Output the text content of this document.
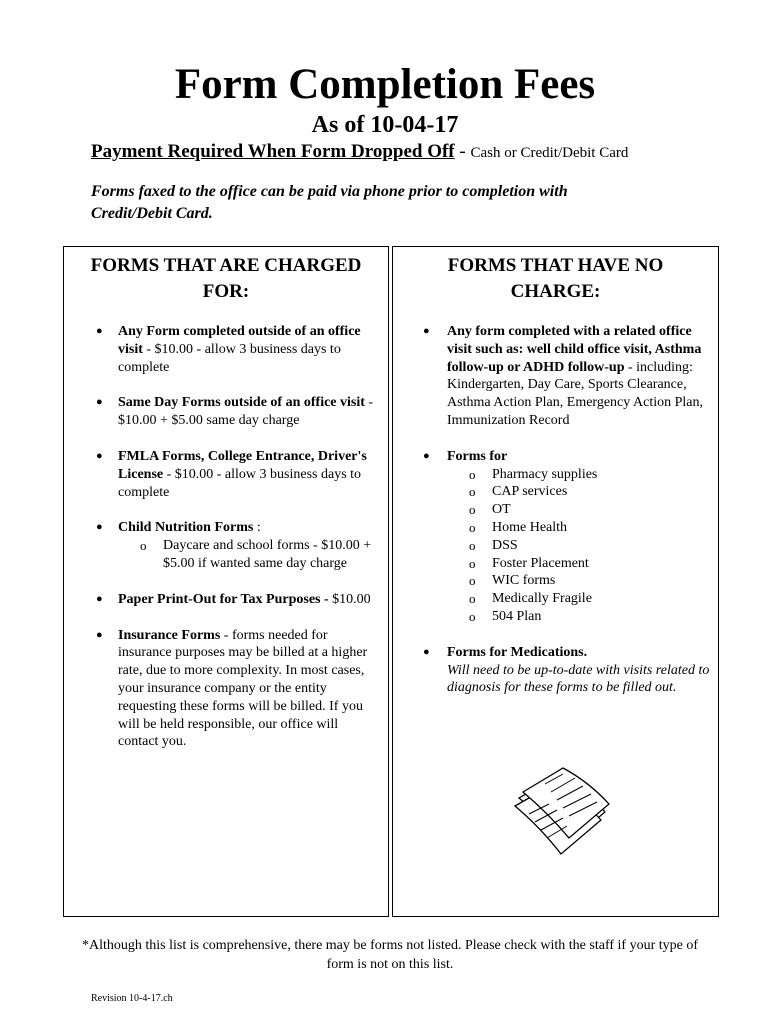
Form Completion Fees
As of 10-04-17
Payment Required When Form Dropped Off - Cash or Credit/Debit Card
Forms faxed to the office can be paid via phone prior to completion with Credit/Debit Card.
FORMS THAT ARE CHARGED FOR:
● Any Form completed outside of an office visit - $10.00 - allow 3 business days to complete
● Same Day Forms outside of an office visit - $10.00 + $5.00 same day charge
● FMLA Forms, College Entrance, Driver's License - $10.00 - allow 3 business days to complete
● Child Nutrition Forms :
o Daycare and school forms - $10.00 + $5.00 if wanted same day charge
● Paper Print-Out for Tax Purposes - $10.00
● Insurance Forms - forms needed for insurance purposes may be billed at a higher rate, due to more complexity. In most cases, your insurance company or the entity requesting these forms will be billed. If you will be held responsible, our office will contact you.
FORMS THAT HAVE NO CHARGE:
● Any form completed with a related office visit such as: well child office visit, Asthma follow-up or ADHD follow-up - including: Kindergarten, Day Care, Sports Clearance, Asthma Action Plan, Emergency Action Plan, Immunization Record
● Forms for
o Pharmacy supplies
o CAP services
o OT
o Home Health
o DSS
o Foster Placement
o WIC forms
o Medically Fragile
o 504 Plan
● Forms for Medications.
Will need to be up-to-date with visits related to diagnosis for these forms to be filled out.
*Although this list is comprehensive, there may be forms not listed. Please check with the staff if your type of form is not on this list.
Revision 10-4-17.ch
